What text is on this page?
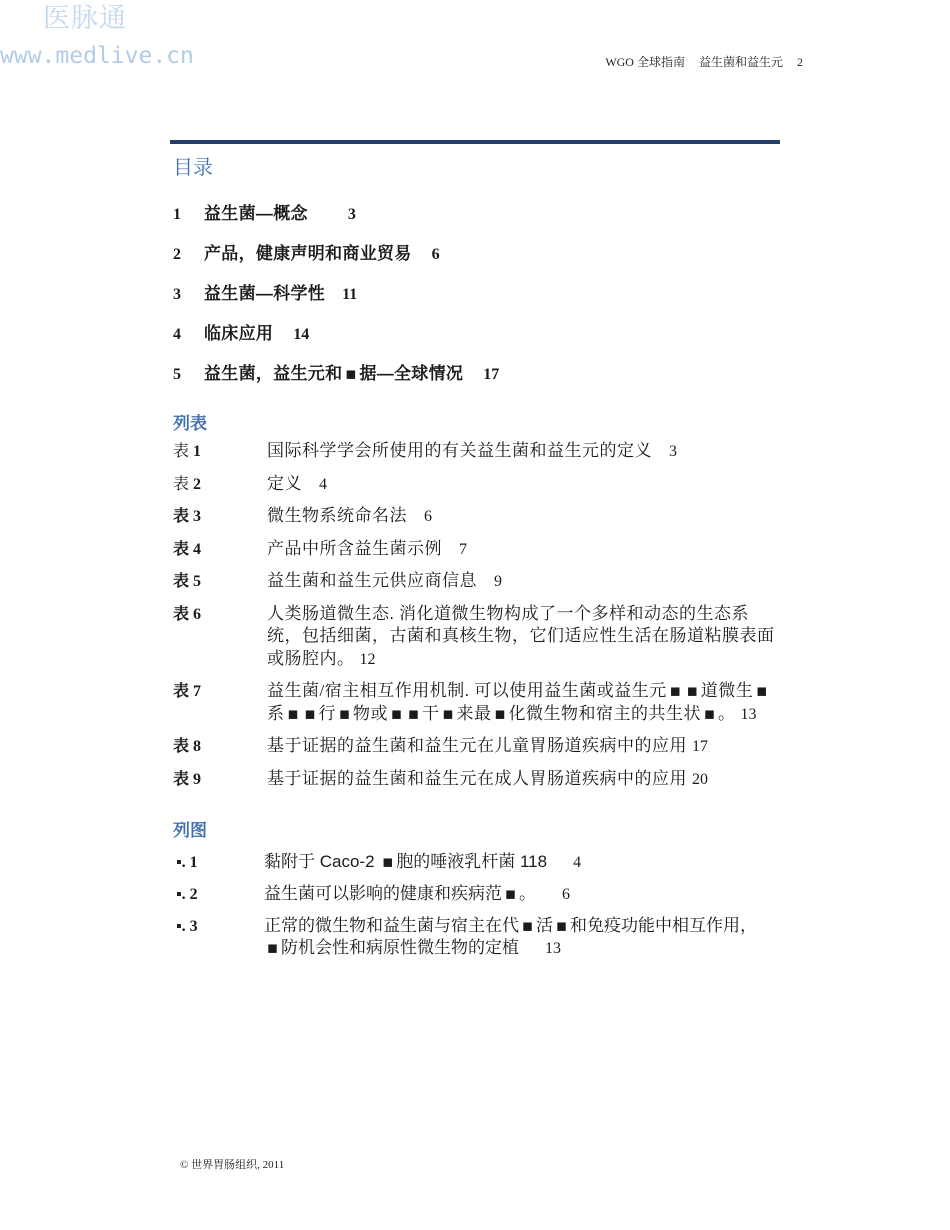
医脉通
www.medlive.cn	WGO 全球指南 益生菌和益生元 2
目录
1 益生菌—概念	3
2 产品，健康声明和商业贸易 6
3 益生菌—科学性 11
4 临床应用 14
5 益生菌，益生元和 ▪ 据—全球情况 17
列表
表 1	国际科学学会所使用的有关益生菌和益生元的定义 3
表 2	定义 4
表 3	微生物系统命名法 6
表 4	产品中所含益生菌示例 7
表 5	益生菌和益生元供应商信息 9
表 6	人类肠道微生态. 消化道微生物构成了一个多样和动态的生态系
统，包括细菌，古菌和真核生物，它们适应性生活在肠道粘膜表面
或肠腔内。 12
表 7	益生菌/宿主相互作用机制. 可以使用益生菌或益生元 ▪ ▪ 道微生 ▪
系 ▪ ▪ 行 ▪ 物或 ▪ ▪ 干 ▪ 来最 ▪ 化微生物和宿主的共生状 ▪ 。 13
表 8	基于证据的益生菌和益生元在儿童胃肠道疾病中的应用 17
表 9	基于证据的益生菌和益生元在成人胃肠道疾病中的应用 20
列图
▪. 1	黏附于 Caco-2 ▪ 胞的唾液乳杆菌 118 4
▪. 2	益生菌可以影响的健康和疾病范 ▪ 。 6
▪. 3	正常的微生物和益生菌与宿主在代 ▪ 活 ▪ 和免疫功能中相互作用，
▪ 防机会性和病原性微生物的定植 13
© 世界胃肠组织, 2011
